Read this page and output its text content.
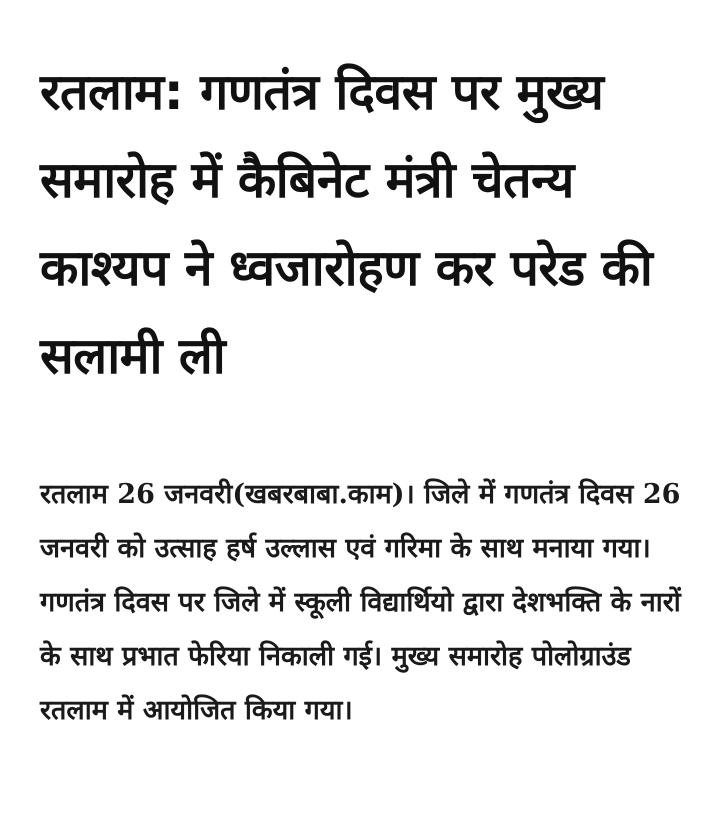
रतलाम: गणतंत्र दिवस पर मुख्य समारोह में कैबिनेट मंत्री चेतन्य काश्यप ने ध्वजारोहण कर परेड की सलामी ली

रतलाम 26 जनवरी(खबरबाबा.काम)। जिले में गणतंत्र दिवस 26 जनवरी को उत्साह हर्ष उल्लास एवं गरिमा के साथ मनाया गया। गणतंत्र दिवस पर जिले में स्कूली विद्यार्थियो द्वारा देशभक्ति के नारों के साथ प्रभात फेरिया निकाली गई। मुख्य समारोह पोलोग्राउंड रतलाम में आयोजित किया गया।
